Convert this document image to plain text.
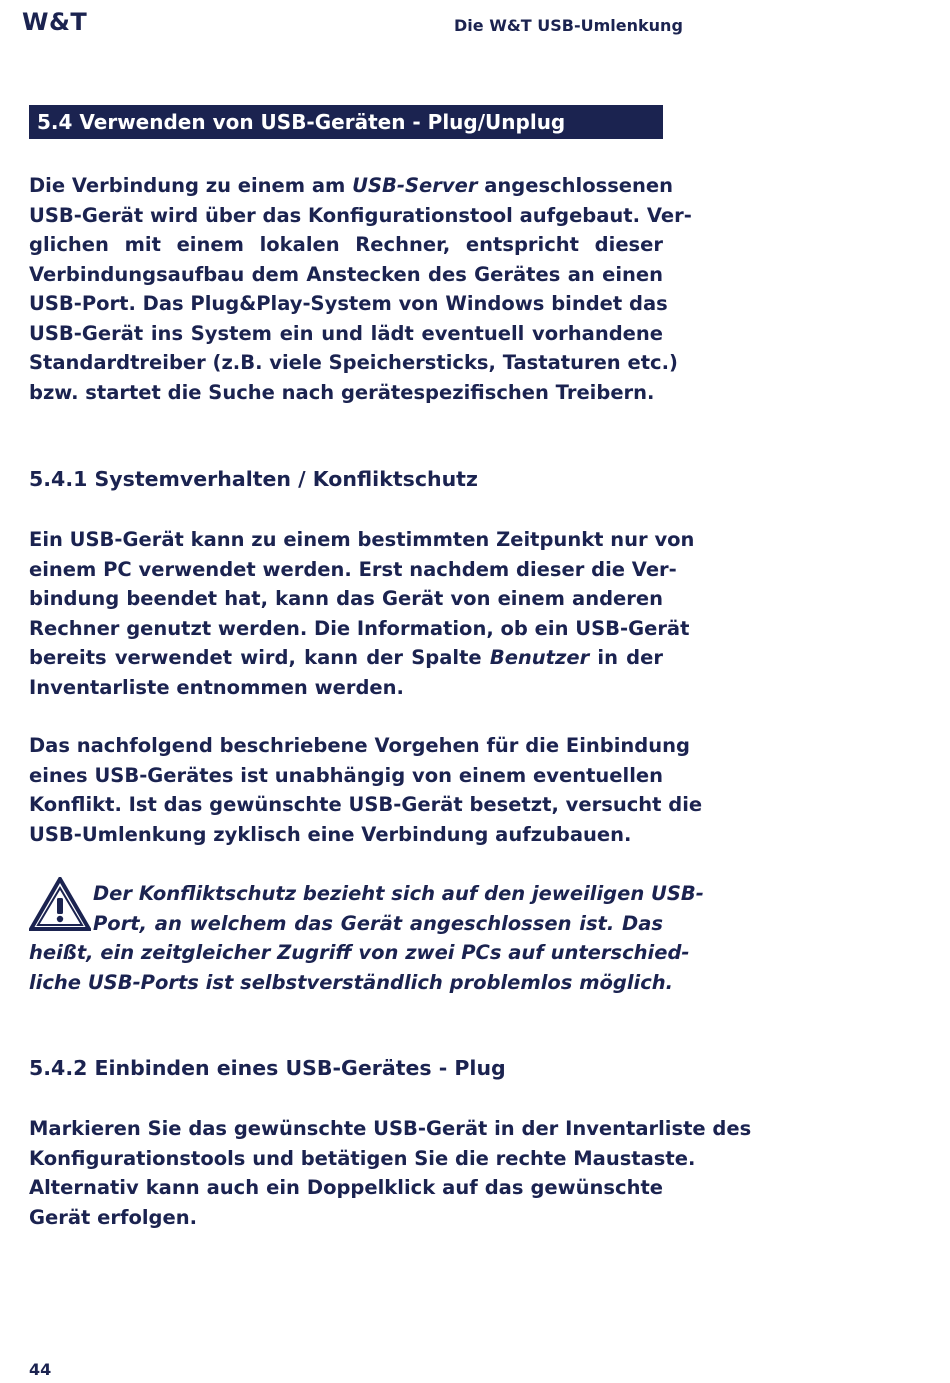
W&T	Die W&T USB-Umlenkung
5.4 Verwenden von USB-Geräten - Plug/Unplug
Die Verbindung zu einem am USB-Server angeschlossenen
USB-Gerät wird über das Konfigurationstool aufgebaut. Ver-
glichen mit einem lokalen Rechner, entspricht dieser
Verbindungsaufbau dem Anstecken des Gerätes an einen
USB-Port. Das Plug&Play-System von Windows bindet das
USB-Gerät ins System ein und lädt eventuell vorhandene
Standardtreiber (z.B. viele Speichersticks, Tastaturen etc.)
bzw. startet die Suche nach gerätespezifischen Treibern.
5.4.1 Systemverhalten / Konfliktschutz
Ein USB-Gerät kann zu einem bestimmten Zeitpunkt nur von
einem PC verwendet werden. Erst nachdem dieser die Ver-
bindung beendet hat, kann das Gerät von einem anderen
Rechner genutzt werden. Die Information, ob ein USB-Gerät
bereits verwendet wird, kann der Spalte Benutzer in der
Inventarliste entnommen werden.
Das nachfolgend beschriebene Vorgehen für die Einbindung
eines USB-Gerätes ist unabhängig von einem eventuellen
Konflikt. Ist das gewünschte USB-Gerät besetzt, versucht die
USB-Umlenkung zyklisch eine Verbindung aufzubauen.
Der Konfliktschutz bezieht sich auf den jeweiligen USB-
Port, an welchem das Gerät angeschlossen ist. Das
heißt, ein zeitgleicher Zugriff von zwei PCs auf unterschied-
liche USB-Ports ist selbstverständlich problemlos möglich.
5.4.2 Einbinden eines USB-Gerätes - Plug
Markieren Sie das gewünschte USB-Gerät in der Inventarliste des
Konfigurationstools und betätigen Sie die rechte Maustaste.
Alternativ kann auch ein Doppelklick auf das gewünschte
Gerät erfolgen.
44
